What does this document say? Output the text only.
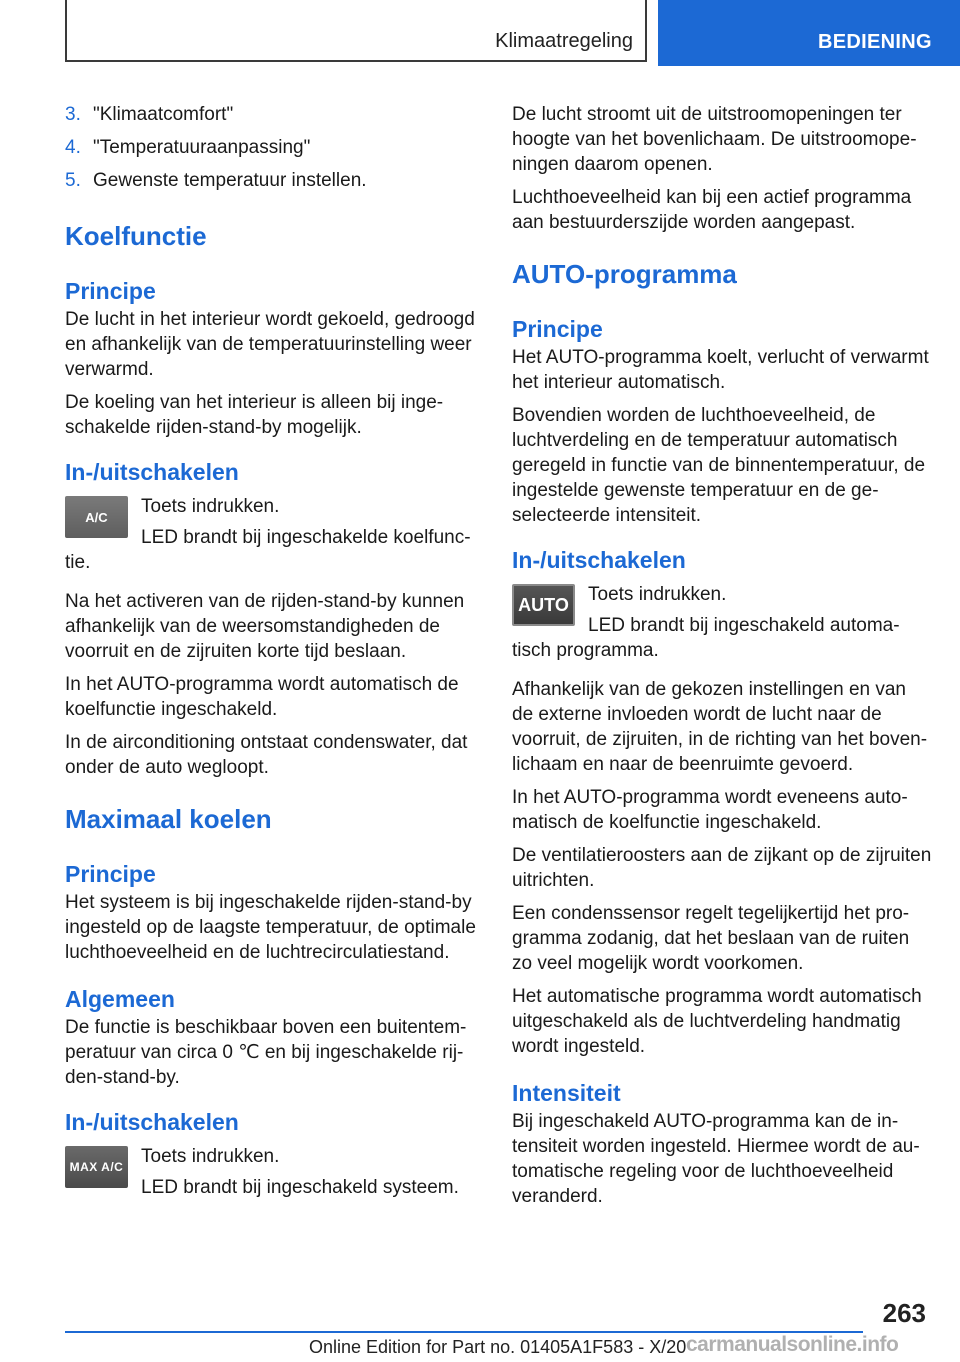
Klimaatregeling	BEDIENING
3. "Klimaatcomfort"
4. "Temperatuuraanpassing"
5. Gewenste temperatuur instellen.
Koelfunctie
Principe

De lucht in het interieur wordt gekoeld, gedroogd en afhankelijk van de temperatuurinstelling weer verwarmd.

De koeling van het interieur is alleen bij ingeschakelde rijden-stand-by mogelijk.

In-/uitschakelen
A/C	Toets indrukken.

LED brandt bij ingeschakelde koelfunctie.

Na het activeren van de rijden-stand-by kunnen afhankelijk van de weersomstandigheden de voorruit en de zijruiten korte tijd beslaan.

In het AUTO-programma wordt automatisch de koelfunctie ingeschakeld.

In de airconditioning ontstaat condenswater, dat onder de auto wegloopt.

Maximaal koelen
Principe

Het systeem is bij ingeschakelde rijden-stand-by ingesteld op de laagste temperatuur, de optimale luchthoeveelheid en de luchtrecirculatiestand.

Algemeen

De functie is beschikbaar boven een buitentemperatuur van circa 0 ℃ en bij ingeschakelde rijden-stand-by.

In-/uitschakelen
MAX A/C Toets indrukken.

LED brandt bij ingeschakeld systeem.

De lucht stroomt uit de uitstroomopeningen ter hoogte van het bovenlichaam. De uitstroomopeningen daarom openen.

Luchthoeveelheid kan bij een actief programma aan bestuurderszijde worden aangepast.

AUTO-programma
Principe

Het AUTO-programma koelt, verlucht of verwarmt het interieur automatisch.

Bovendien worden de luchthoeveelheid, de luchtverdeling en de temperatuur automatisch geregeld in functie van de binnentemperatuur, de ingestelde gewenste temperatuur en de geselecteerde intensiteit.

In-/uitschakelen
AUTO	Toets indrukken.

LED brandt bij ingeschakeld automatisch programma.

Afhankelijk van de gekozen instellingen en van de externe invloeden wordt de lucht naar de voorruit, de zijruiten, in de richting van het bovenlichaam en naar de beenruimte gevoerd.

In het AUTO-programma wordt eveneens automatisch de koelfunctie ingeschakeld.

De ventilatieroosters aan de zijkant op de zijruiten uitrichten.

Een condenssensor regelt tegelijkertijd het programma zodanig, dat het beslaan van de ruiten zo veel mogelijk wordt voorkomen.

Het automatische programma wordt automatisch uitgeschakeld als de luchtverdeling handmatig wordt ingesteld.

Intensiteit

Bij ingeschakeld AUTO-programma kan de intensiteit worden ingesteld. Hiermee wordt de automatische regeling voor de luchthoeveelheid veranderd.

263
Online Edition for Part no. 01405A1F583 - X/20 carmanualsonline.info
